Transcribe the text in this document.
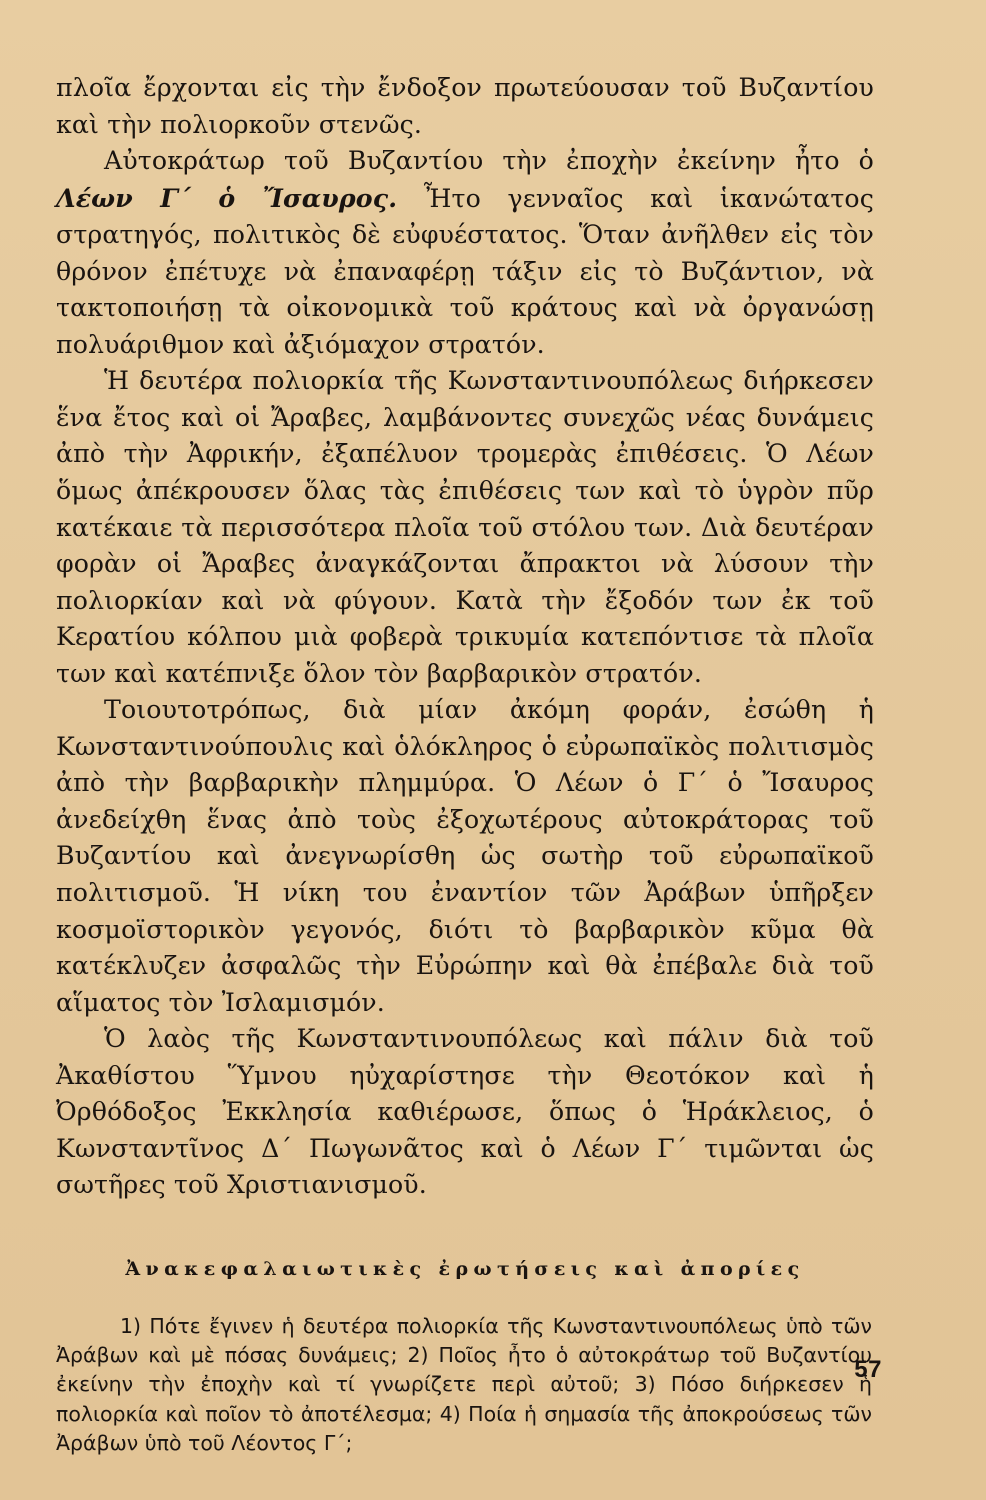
πλοῖα ἔρχονται εἰς τὴν ἔνδοξον πρωτεύουσαν τοῦ Βυζαντίου καὶ τὴν πολιορκοῦν στενῶς.

Αὐτοκράτωρ τοῦ Βυζαντίου τὴν ἐποχὴν ἐκείνην ἦτο ὁ Λέων Γ΄ ὁ Ἴσαυρος. Ἦτο γενναῖος καὶ ἱκανώτατος στρατηγός, πολιτικὸς δὲ εὐφυέστατος. Ὅταν ἀνῆλθεν εἰς τὸν θρόνον ἐπέτυχε νὰ ἐπαναφέρῃ τάξιν εἰς τὸ Βυζάντιον, νὰ τακτοποιήσῃ τὰ οἰκονομικὰ τοῦ κράτους καὶ νὰ ὀργανώσῃ πολυάριθμον καὶ ἀξιόμαχον στρατόν.

Ἡ δευτέρα πολιορκία τῆς Κωνσταντινουπόλεως διήρκεσεν ἕνα ἔτος καὶ οἱ Ἄραβες, λαμβάνοντες συνεχῶς νέας δυνάμεις ἀπὸ τὴν Ἀφρικήν, ἐξαπέλυον τρομερὰς ἐπιθέσεις. Ὁ Λέων ὅμως ἀπέκρουσεν ὅλας τὰς ἐπιθέσεις των καὶ τὸ ὑγρὸν πῦρ κατέκαιε τὰ περισσότερα πλοῖα τοῦ στόλου των. Διὰ δευτέραν φορὰν οἱ Ἄραβες ἀναγκάζονται ἄπρακτοι νὰ λύσουν τὴν πολιορκίαν καὶ νὰ φύγουν. Κατὰ τὴν ἔξοδόν των ἐκ τοῦ Κερατίου κόλπου μιὰ φοβερὰ τρικυμία κατεπόντισε τὰ πλοῖα των καὶ κατέπνιξε ὅλον τὸν βαρβαρικὸν στρατόν.

Τοιουτοτρόπως, διὰ μίαν ἀκόμη φοράν, ἐσώθη ἡ Κωνσταντινούπουλις καὶ ὁλόκληρος ὁ εὐρωπαϊκὸς πολιτισμὸς ἀπὸ τὴν βαρβαρικὴν πλημμύρα. Ὁ Λέων ὁ Γ΄ ὁ Ἴσαυρος ἀνεδείχθη ἕνας ἀπὸ τοὺς ἐξοχωτέρους αὐτοκράτορας τοῦ Βυζαντίου καὶ ἀνεγνωρίσθη ὡς σωτὴρ τοῦ εὐρωπαϊκοῦ πολιτισμοῦ. Ἡ νίκη του ἐναντίον τῶν Ἀράβων ὑπῆρξεν κοσμοϊστορικὸν γεγονός, διότι τὸ βαρβαρικὸν κῦμα θὰ κατέκλυζεν ἀσφαλῶς τὴν Εὐρώπην καὶ θὰ ἐπέβαλε διὰ τοῦ αἵματος τὸν Ἰσλαμισμόν.

Ὁ λαὸς τῆς Κωνσταντινουπόλεως καὶ πάλιν διὰ τοῦ Ἀκαθίστου Ὕμνου ηὐχαρίστησε τὴν Θεοτόκον καὶ ἡ Ὀρθόδοξος Ἐκκλησία καθιέρωσε, ὅπως ὁ Ἡράκλειος, ὁ Κωνσταντῖνος Δ΄ Πωγωνᾶτος καὶ ὁ Λέων Γ΄ τιμῶνται ὡς σωτῆρες τοῦ Χριστιανισμοῦ.

Ἀνακεφαλαιωτικὲς ἐρωτήσεις καὶ ἀπορίες
1) Πότε ἔγινεν ἡ δευτέρα πολιορκία τῆς Κωνσταντινουπόλεως ὑπὸ τῶν Ἀράβων καὶ μὲ πόσας δυνάμεις; 2) Ποῖος ἦτο ὁ αὐτοκράτωρ τοῦ Βυζαντίου ἐκείνην τὴν ἐποχὴν καὶ τί γνωρίζετε περὶ αὐτοῦ; 3) Πόσο διήρκεσεν ἡ πολιορκία καὶ ποῖον τὸ ἀποτέλεσμα; 4) Ποία ἡ σημασία τῆς ἀποκρούσεως τῶν Ἀράβων ὑπὸ τοῦ Λέοντος Γ΄;
57
